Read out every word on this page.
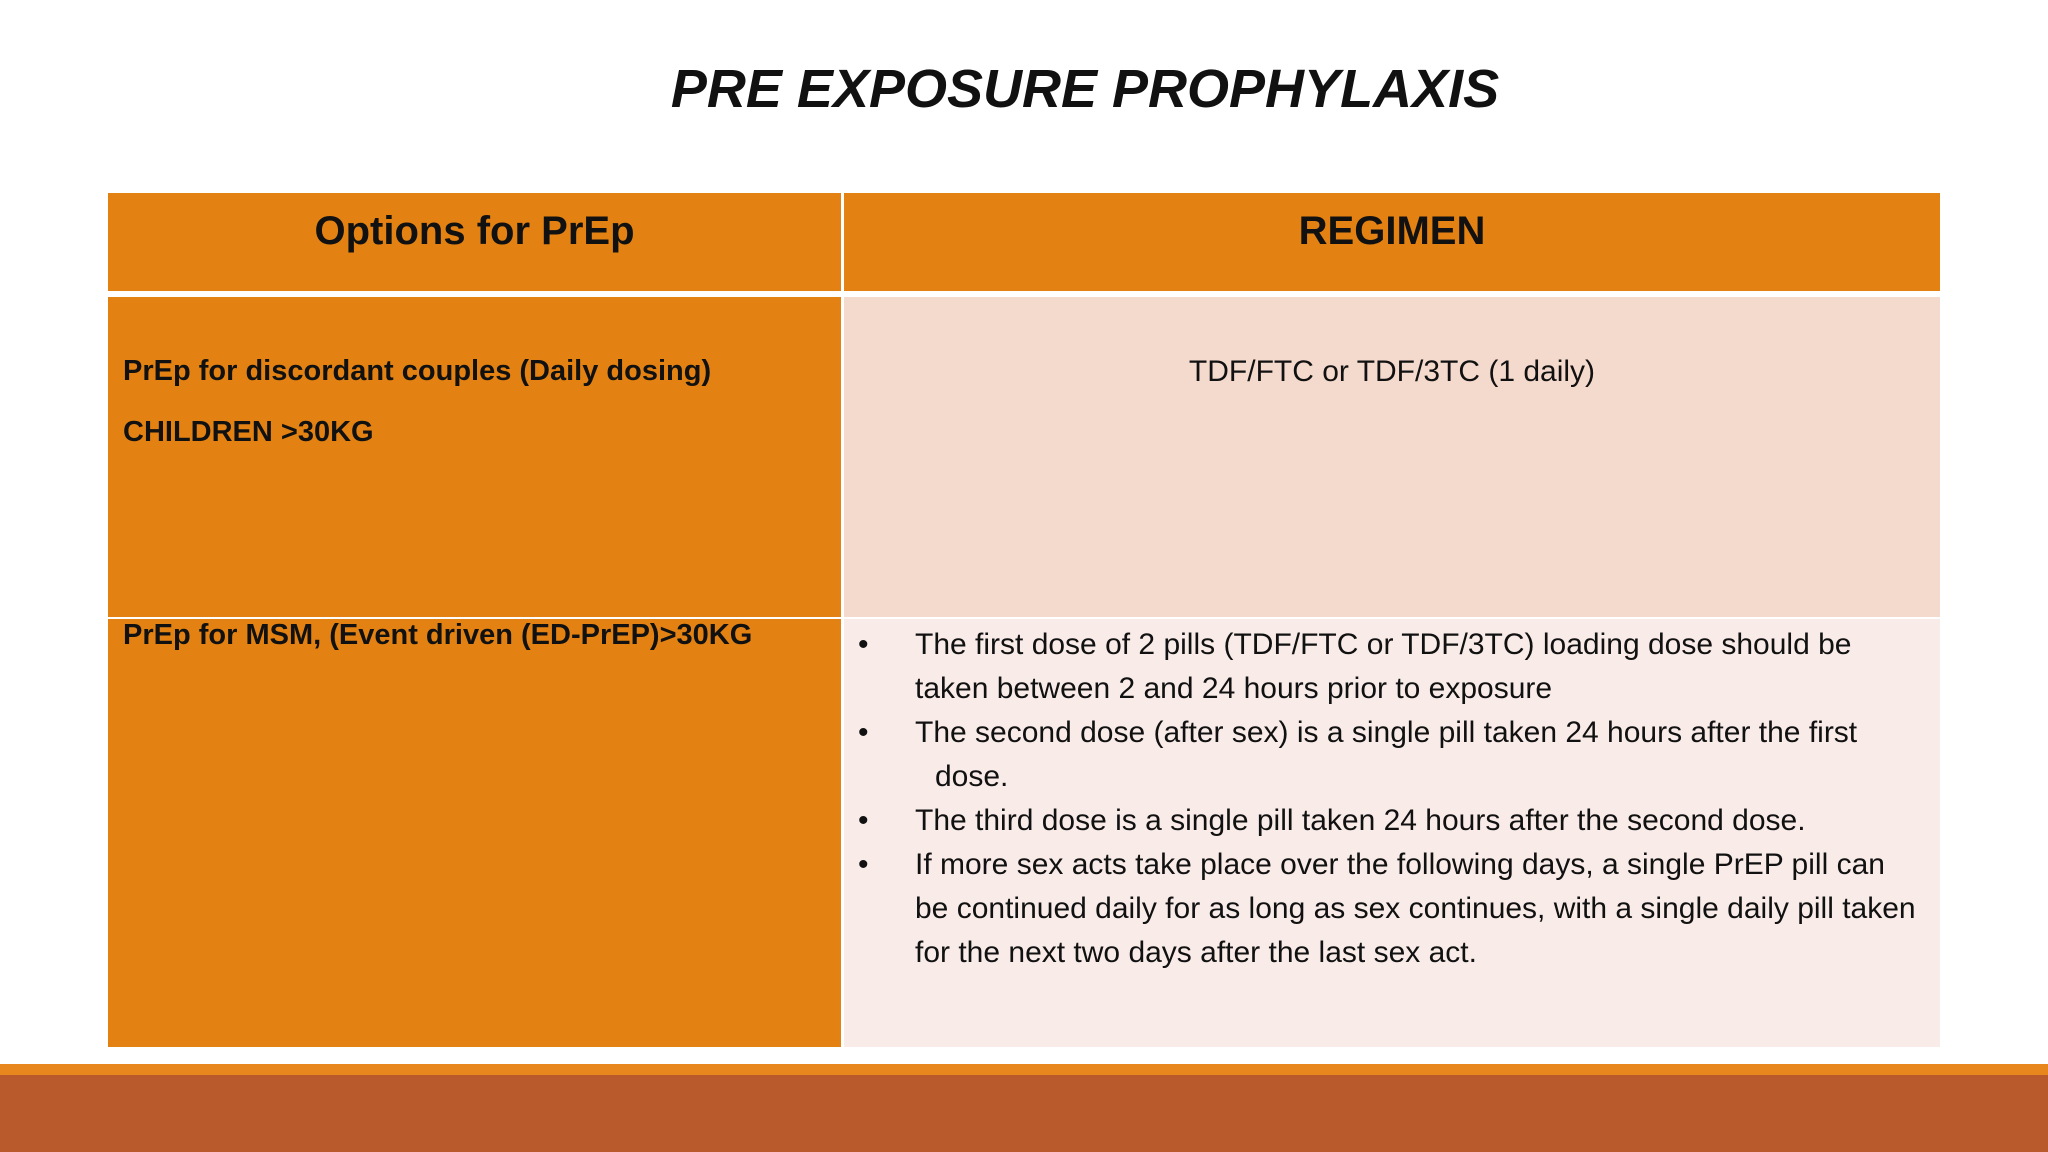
PRE EXPOSURE PROPHYLAXIS
Options for PrEp	REGIMEN
PrEp for discordant couples (Daily dosing)
CHILDREN >30KG
TDF/FTC or TDF/3TC (1 daily)
PrEp for MSM, (Event driven (ED-PrEP)>30KG	• The first dose of 2 pills (TDF/FTC or TDF/3TC) loading dose should be taken between 2 and 24 hours prior to exposure
• The second dose (after sex) is a single pill taken 24 hours after the first
dose.
• The third dose is a single pill taken 24 hours after the second dose.
• If more sex acts take place over the following days, a single PrEP pill can be continued daily for as long as sex continues, with a single daily pill taken for the next two days after the last sex act.
